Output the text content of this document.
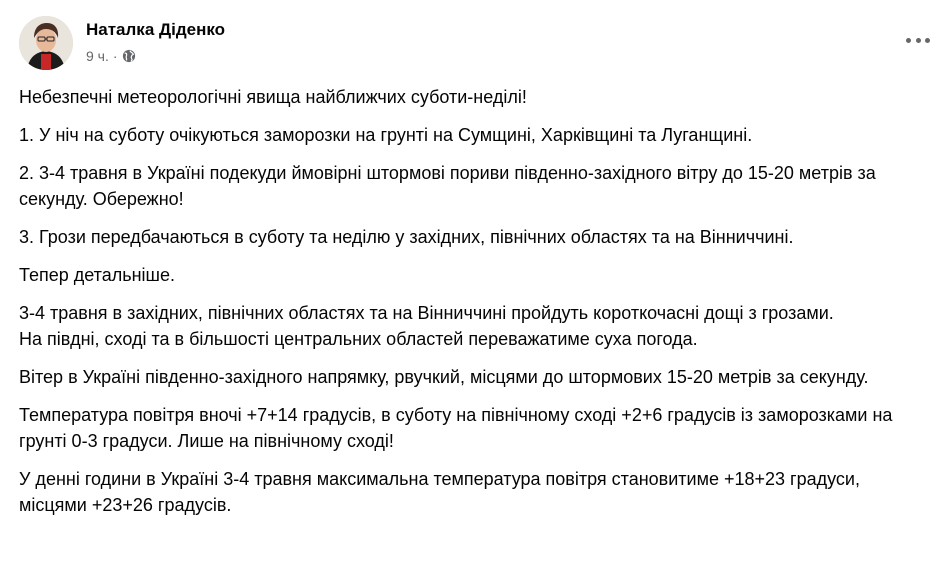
Наталка Діденко
9 ч. ·

Небезпечні метеорологічні явища найближчих суботи-неділі!

1. У ніч на суботу очікуються заморозки на грунті на Сумщині, Харківщині та Луганщині.

2. 3-4 травня в Україні подекуди ймовірні штормові пориви південно-західного вітру до 15-20 метрів за секунду. Обережно!

3. Грози передбачаються в суботу та неділю у західних, північних областях та на Вінниччині.

Тепер детальніше.

3-4 травня в західних, північних областях та на Вінниччині пройдуть короткочасні дощі з грозами.
На півдні, сході та в більшості центральних областей переважатиме суха погода.

Вітер в Україні південно-західного напрямку, рвучкий, місцями до штормових 15-20 метрів за секунду.

Температура повітря вночі +7+14 градусів, в суботу на північному сході +2+6 градусів із заморозками на грунті 0-3 градуси. Лише на північному сході!

У денні години в Україні 3-4 травня максимальна температура повітря становитиме +18+23 градуси, місцями +23+26 градусів.
